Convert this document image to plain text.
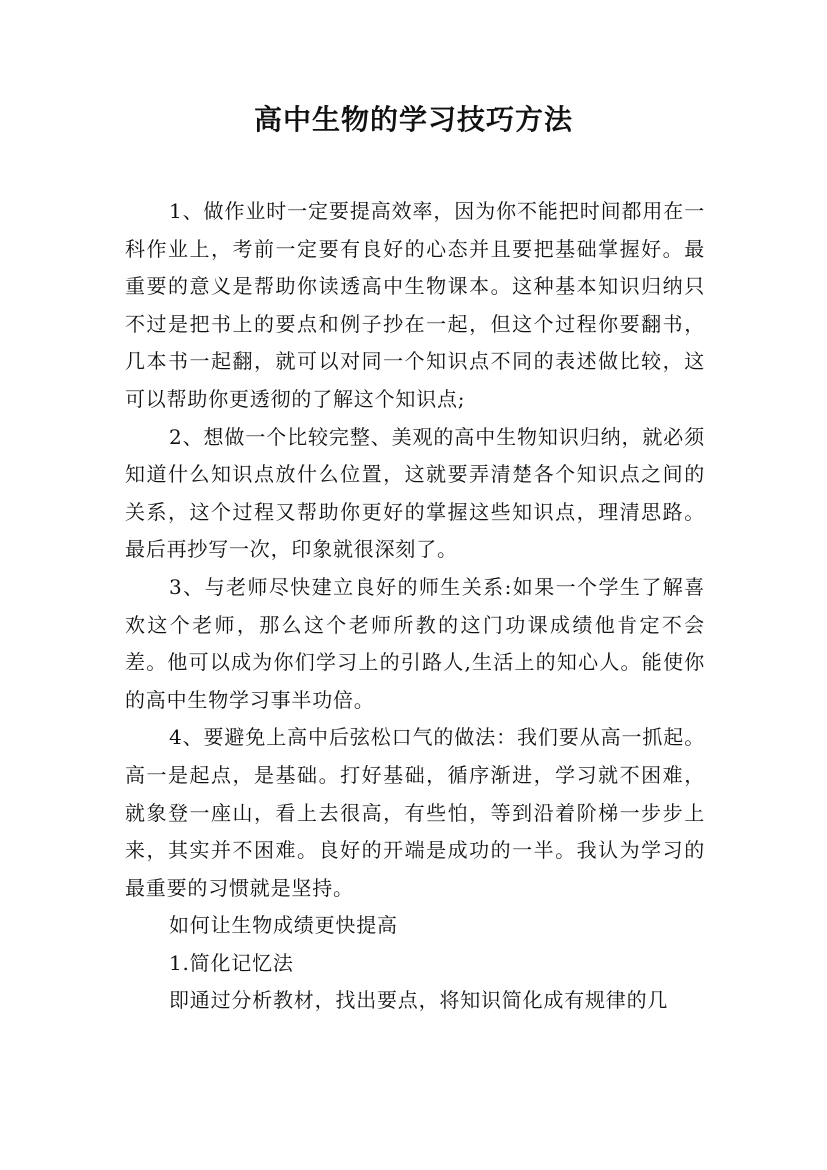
高中生物的学习技巧方法

1、做作业时一定要提高效率，因为你不能把时间都用在一科作业上，考前一定要有良好的心态并且要把基础掌握好。最重要的意义是帮助你读透高中生物课本。这种基本知识归纳只不过是把书上的要点和例子抄在一起，但这个过程你要翻书，几本书一起翻，就可以对同一个知识点不同的表述做比较，这可以帮助你更透彻的了解这个知识点;

2、想做一个比较完整、美观的高中生物知识归纳，就必须知道什么知识点放什么位置，这就要弄清楚各个知识点之间的关系，这个过程又帮助你更好的掌握这些知识点，理清思路。最后再抄写一次，印象就很深刻了。

3、与老师尽快建立良好的师生关系:如果一个学生了解喜欢这个老师，那么这个老师所教的这门功课成绩他肯定不会差。他可以成为你们学习上的引路人,生活上的知心人。能使你的高中生物学习事半功倍。

4、要避免上高中后弦松口气的做法：我们要从高一抓起。高一是起点，是基础。打好基础，循序渐进，学习就不困难，就象登一座山，看上去很高，有些怕，等到沿着阶梯一步步上来，其实并不困难。良好的开端是成功的一半。我认为学习的最重要的习惯就是坚持。

如何让生物成绩更快提高

1.简化记忆法

即通过分析教材，找出要点，将知识简化成有规律的几
